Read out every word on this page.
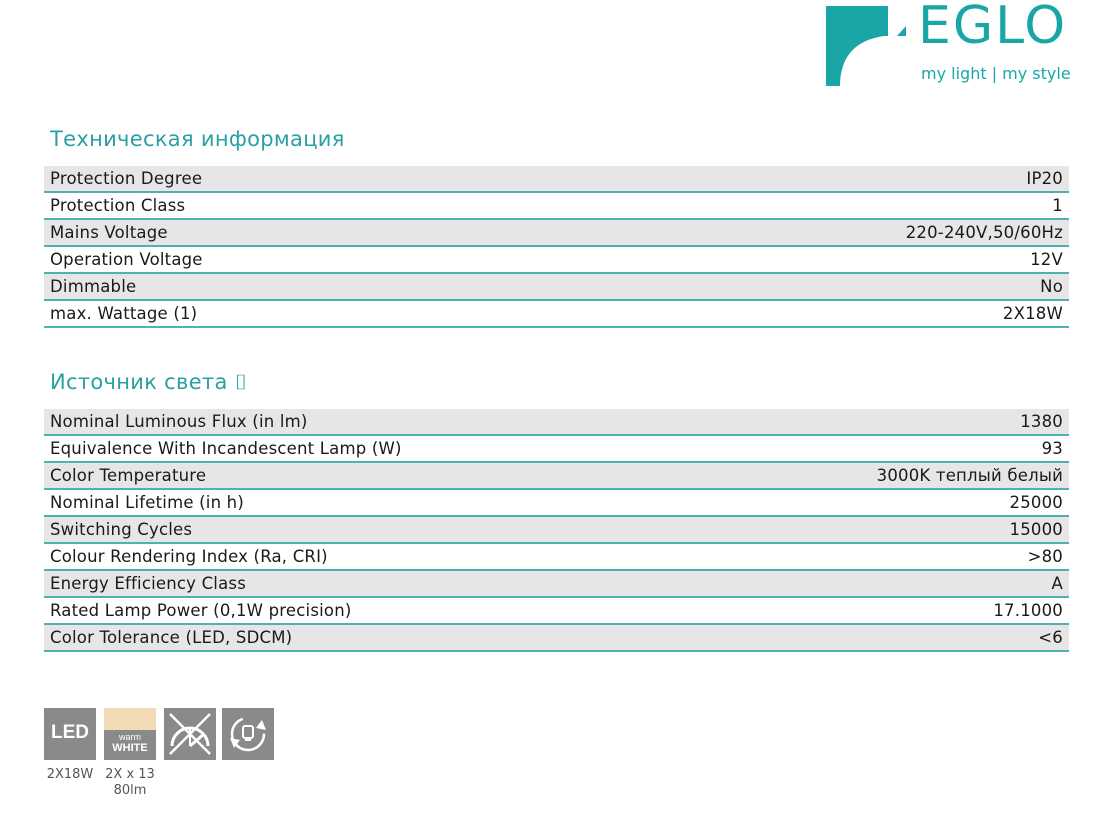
EGLO
my light | my style
Техническая информация
Protection Degree	IP20
Protection Class	1
Mains Voltage	220-240V,50/60Hz
Operation Voltage	12V
Dimmable	No
max. Wattage (1)	2X18W
Источник света ⌷
Nominal Luminous Flux (in lm)	1380
Equivalence With Incandescent Lamp (W)	93
Color Temperature	3000K теплый белый
Nominal Lifetime (in h)	25000
Switching Cycles	15000
Colour Rendering Index (Ra, CRI)	>80
Energy Efficiency Class	A
Rated Lamp Power (0,1W precision)	17.1000
Color Tolerance (LED, SDCM)	<6
LED
2X18W
warm
WHITE
2X x 1380lm
